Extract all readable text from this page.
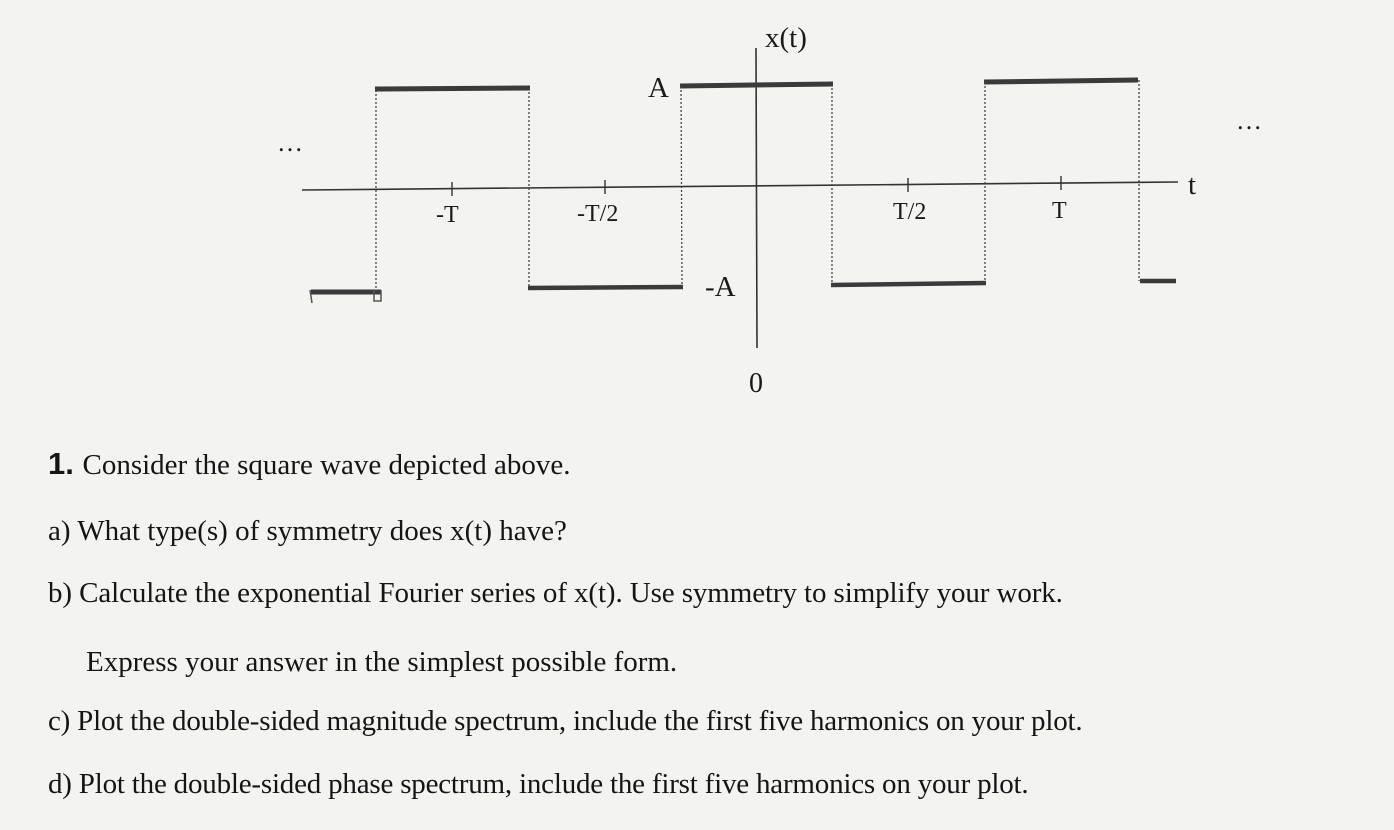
x(t)
t
A
-A
0
-T	-T/2	T/2	T
…
…

1. Consider the square wave depicted above.

a) What type(s) of symmetry does x(t) have?

b) Calculate the exponential Fourier series of x(t). Use symmetry to simplify your work.

Express your answer in the simplest possible form.

c) Plot the double-sided magnitude spectrum, include the first five harmonics on your plot.

d) Plot the double-sided phase spectrum, include the first five harmonics on your plot.
